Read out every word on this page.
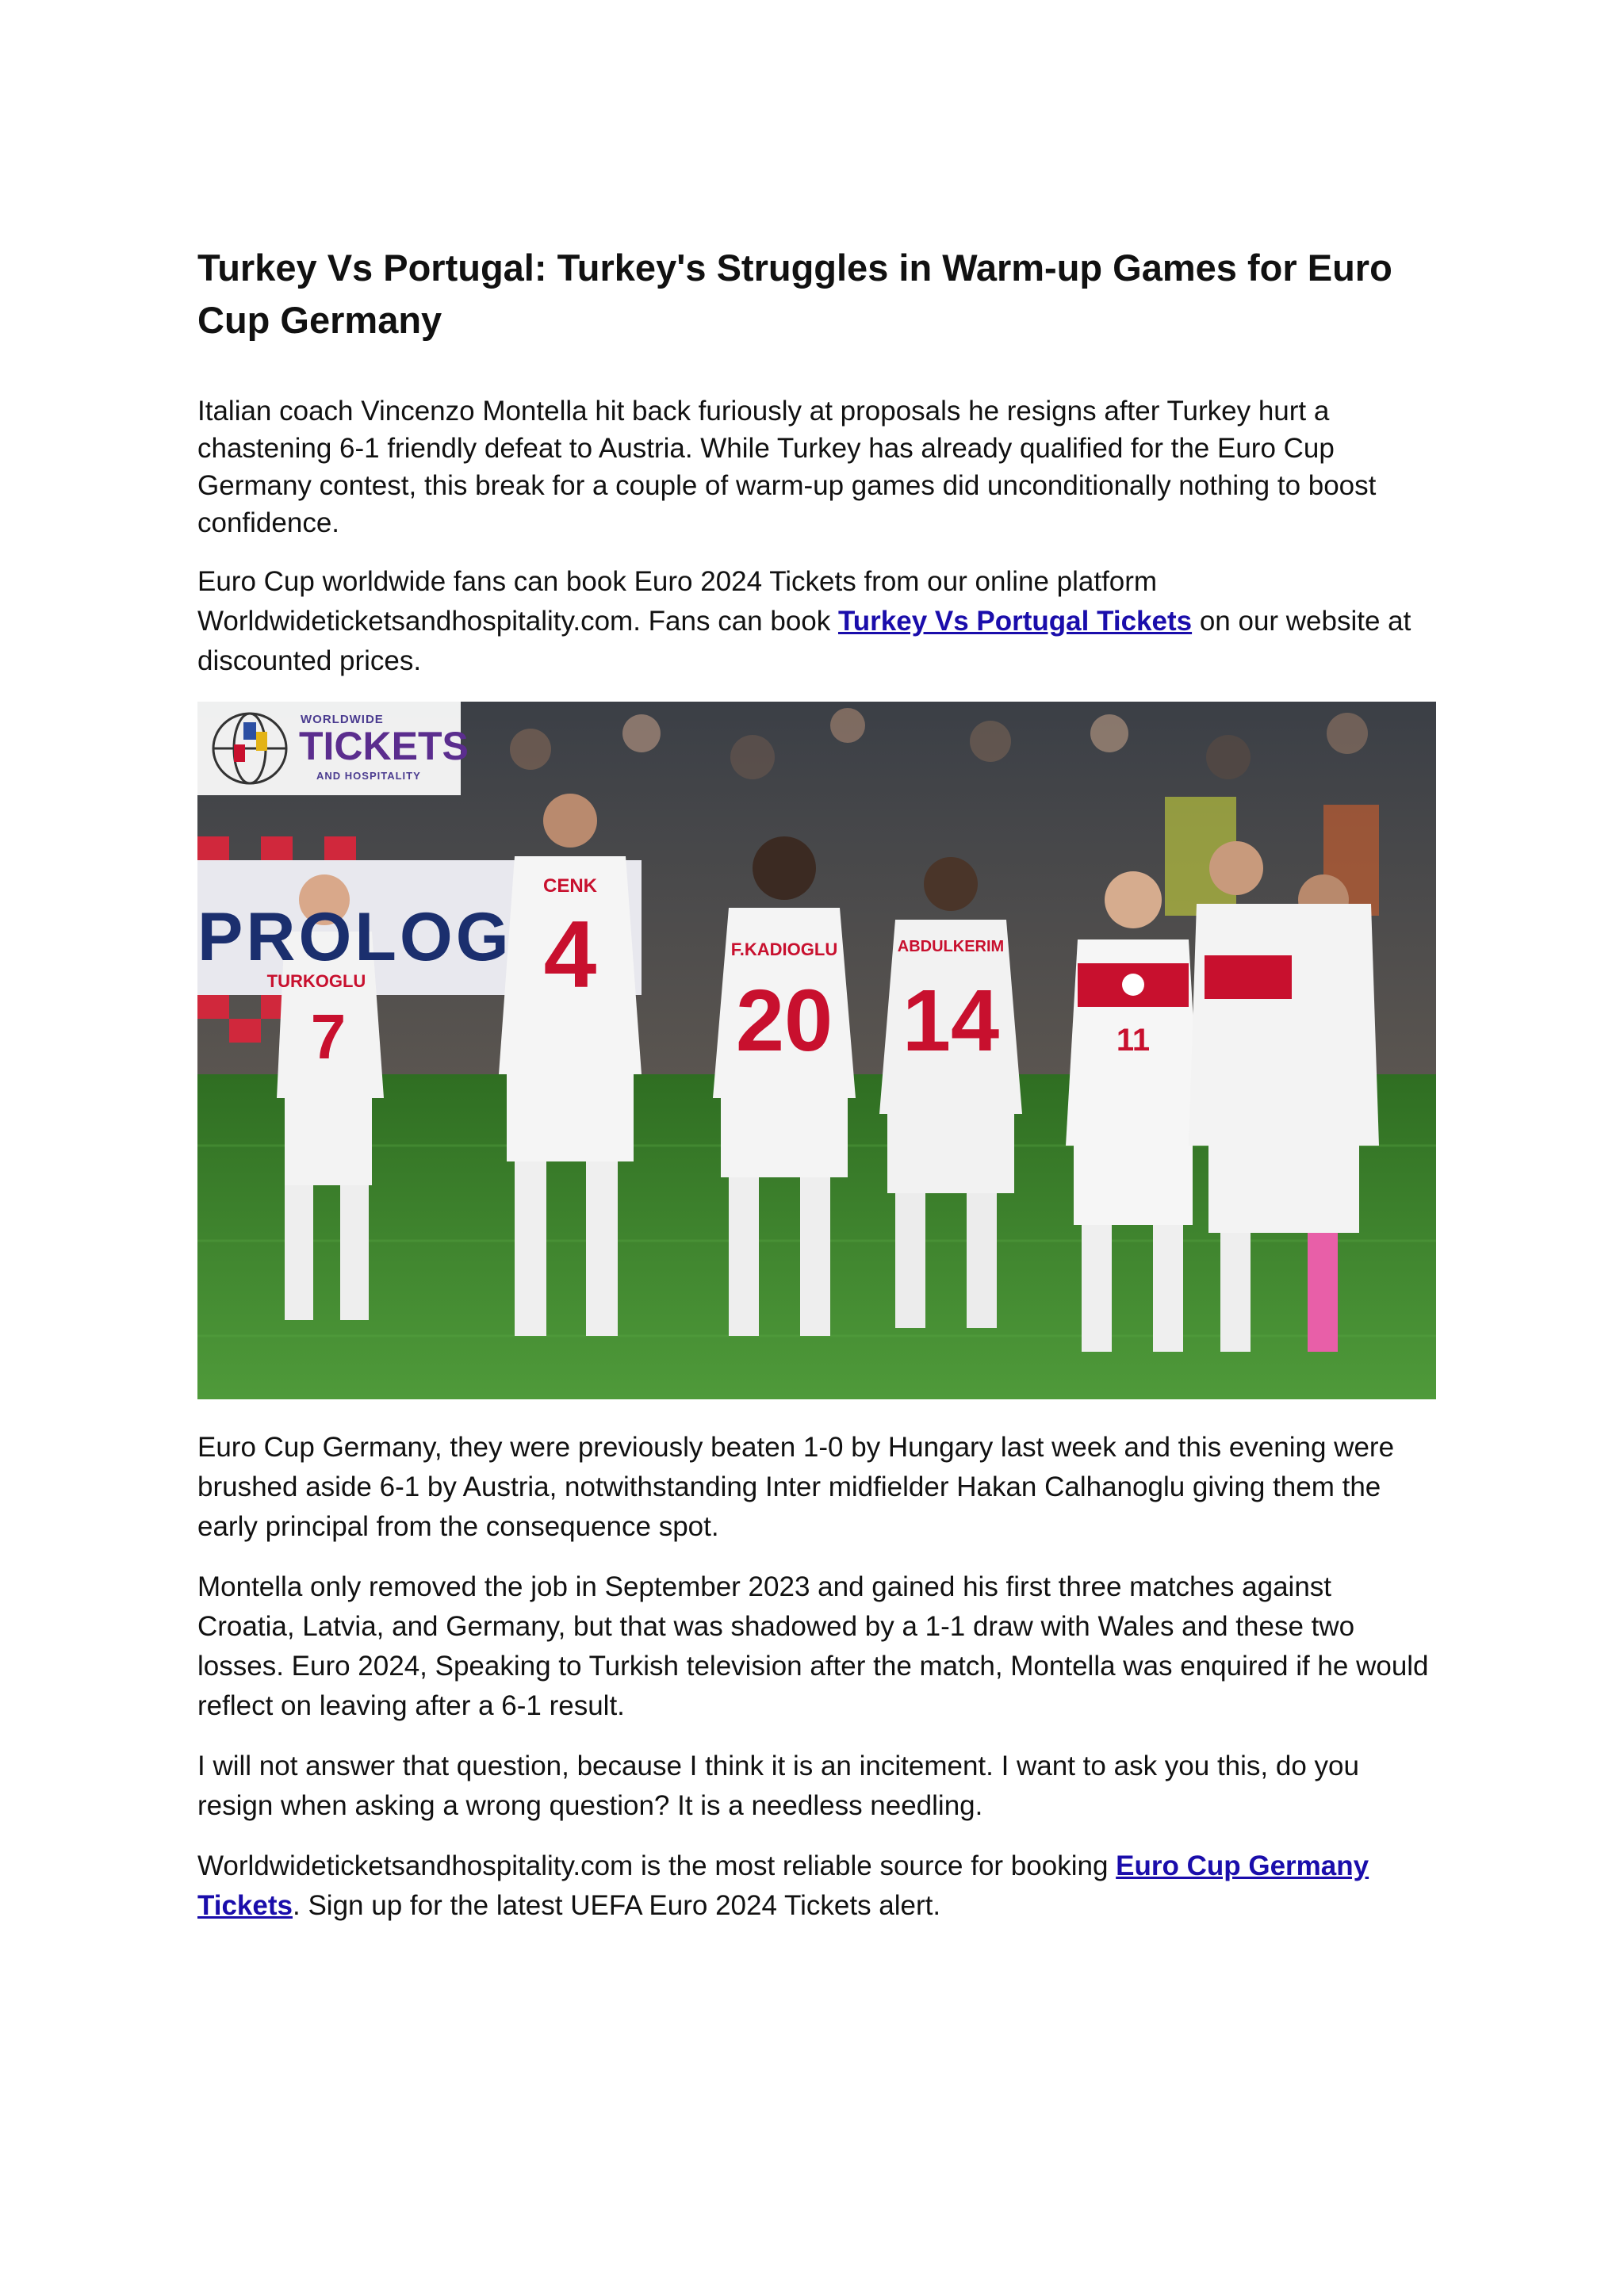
Turkey Vs Portugal: Turkey's Struggles in Warm-up Games for Euro Cup Germany

Italian coach Vincenzo Montella hit back furiously at proposals he resigns after Turkey hurt a chastening 6-1 friendly defeat to Austria. While Turkey has already qualified for the Euro Cup Germany contest, this break for a couple of warm-up games did unconditionally nothing to boost confidence.

Euro Cup worldwide fans can book Euro 2024 Tickets from our online platform Worldwideticketsandhospitality.com. Fans can book Turkey Vs Portugal Tickets on our website at discounted prices.

TURKOGLU
7
CENK
4	F.KADIOGLU
20
ABDULKERIM
14	11
PROLOG
WORLDWIDE
TICKETS
AND HOSPITALITY

Euro Cup Germany, they were previously beaten 1-0 by Hungary last week and this evening were brushed aside 6-1 by Austria, notwithstanding Inter midfielder Hakan Calhanoglu giving them the early principal from the consequence spot.

Montella only removed the job in September 2023 and gained his first three matches against Croatia, Latvia, and Germany, but that was shadowed by a 1-1 draw with Wales and these two losses. Euro 2024, Speaking to Turkish television after the match, Montella was enquired if he would reflect on leaving after a 6-1 result.

I will not answer that question, because I think it is an incitement. I want to ask you this, do you resign when asking a wrong question? It is a needless needling.

Worldwideticketsandhospitality.com is the most reliable source for booking Euro Cup Germany Tickets. Sign up for the latest UEFA Euro 2024 Tickets alert.
